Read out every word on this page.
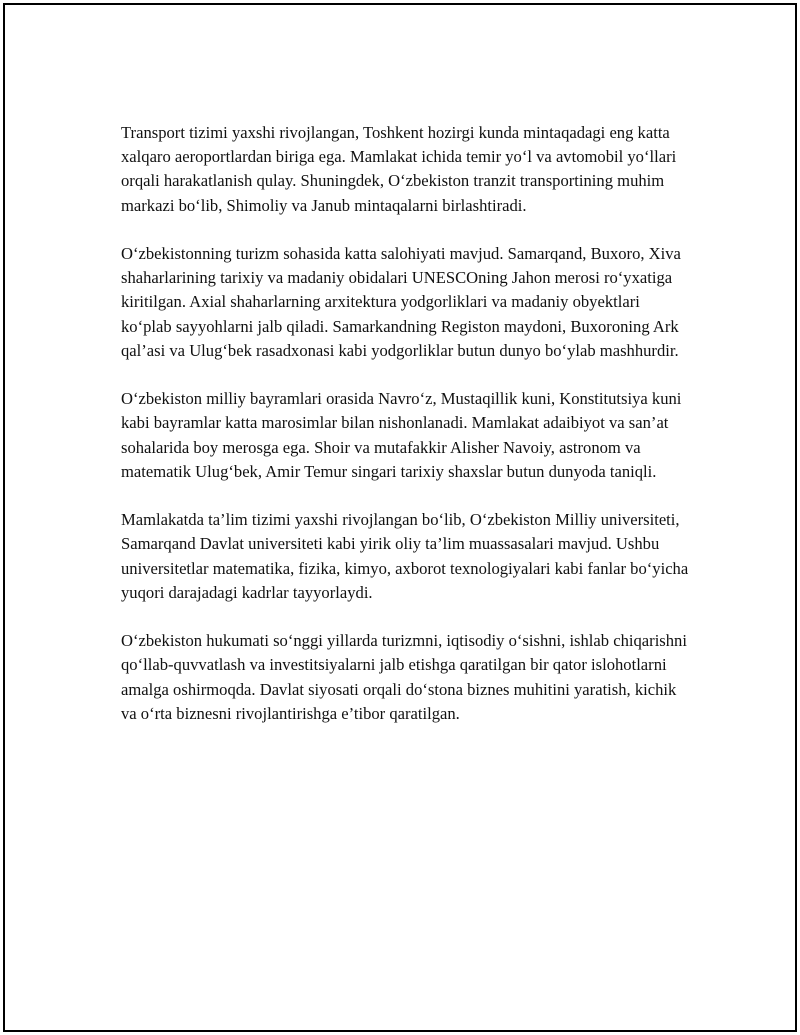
Transport tizimi yaxshi rivojlangan, Toshkent hozirgi kunda mintaqadagi eng katta xalqaro aeroportlardan biriga ega. Mamlakat ichida temir yo‘l va avtomobil yo‘llari orqali harakatlanish qulay. Shuningdek, O‘zbekiston tranzit transportining muhim markazi bo‘lib, Shimoliy va Janub mintaqalarni birlashtiradi.

O‘zbekistonning turizm sohasida katta salohiyati mavjud. Samarqand, Buxoro, Xiva shaharlarining tarixiy va madaniy obidalari UNESCOning Jahon merosi ro‘yxatiga kiritilgan. Axial shaharlarning arxitektura yodgorliklari va madaniy obyektlari ko‘plab sayyohlarni jalb qiladi. Samarkandning Registon maydoni, Buxoroning Ark qal’asi va Ulug‘bek rasadxonasi kabi yodgorliklar butun dunyo bo‘ylab mashhurdir.

O‘zbekiston milliy bayramlari orasida Navro‘z, Mustaqillik kuni, Konstitutsiya kuni kabi bayramlar katta marosimlar bilan nishonlanadi. Mamlakat adaibiyot va san’at sohalarida boy merosga ega. Shoir va mutafakkir Alisher Navoiy, astronom va matematik Ulug‘bek, Amir Temur singari tarixiy shaxslar butun dunyoda taniqli.

Mamlakatda ta’lim tizimi yaxshi rivojlangan bo‘lib, O‘zbekiston Milliy universiteti, Samarqand Davlat universiteti kabi yirik oliy ta’lim muassasalari mavjud. Ushbu universitetlar matematika, fizika, kimyo, axborot texnologiyalari kabi fanlar bo‘yicha yuqori darajadagi kadrlar tayyorlaydi.

O‘zbekiston hukumati so‘nggi yillarda turizmni, iqtisodiy o‘sishni, ishlab chiqarishni qo‘llab-quvvatlash va investitsiyalarni jalb etishga qaratilgan bir qator islohotlarni amalga oshirmoqda. Davlat siyosati orqali do‘stona biznes muhitini yaratish, kichik va o‘rta biznesni rivojlantirishga e’tibor qaratilgan.
